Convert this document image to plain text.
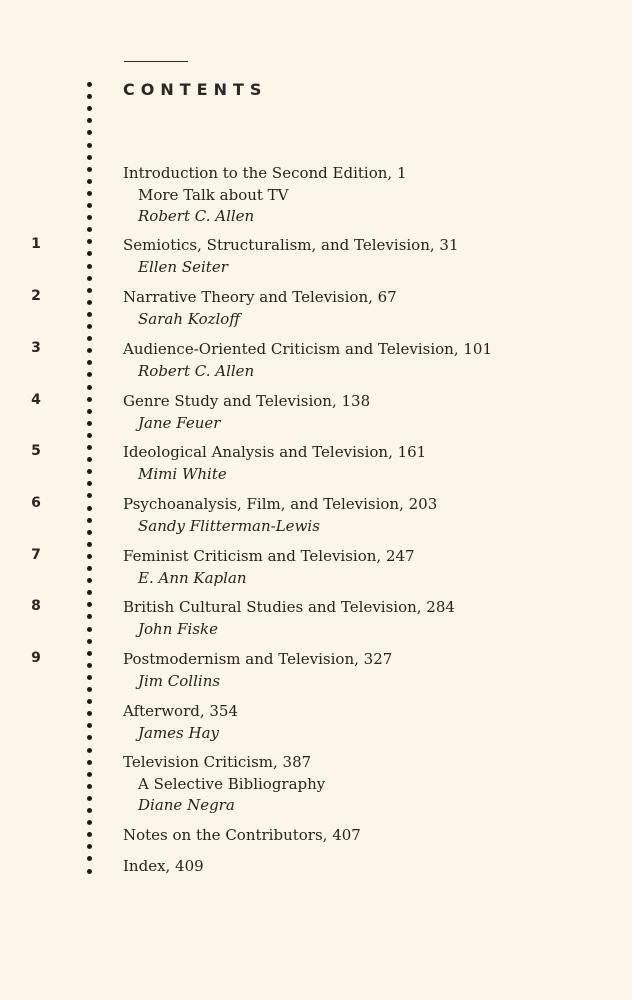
CONTENTS
Introduction to the Second Edition, 1
More Talk about TV
Robert C. Allen
1	Semiotics, Structuralism, and Television, 31
Ellen Seiter
2	Narrative Theory and Television, 67
Sarah Kozloff
3	Audience-Oriented Criticism and Television, 101
Robert C. Allen
4	Genre Study and Television, 138
Jane Feuer
5	Ideological Analysis and Television, 161
Mimi White
6	Psychoanalysis, Film, and Television, 203
Sandy Flitterman-Lewis
7	Feminist Criticism and Television, 247
E. Ann Kaplan
8	British Cultural Studies and Television, 284
John Fiske
9	Postmodernism and Television, 327
Jim Collins
Afterword, 354
James Hay
Television Criticism, 387
A Selective Bibliography
Diane Negra
Notes on the Contributors, 407
Index, 409
